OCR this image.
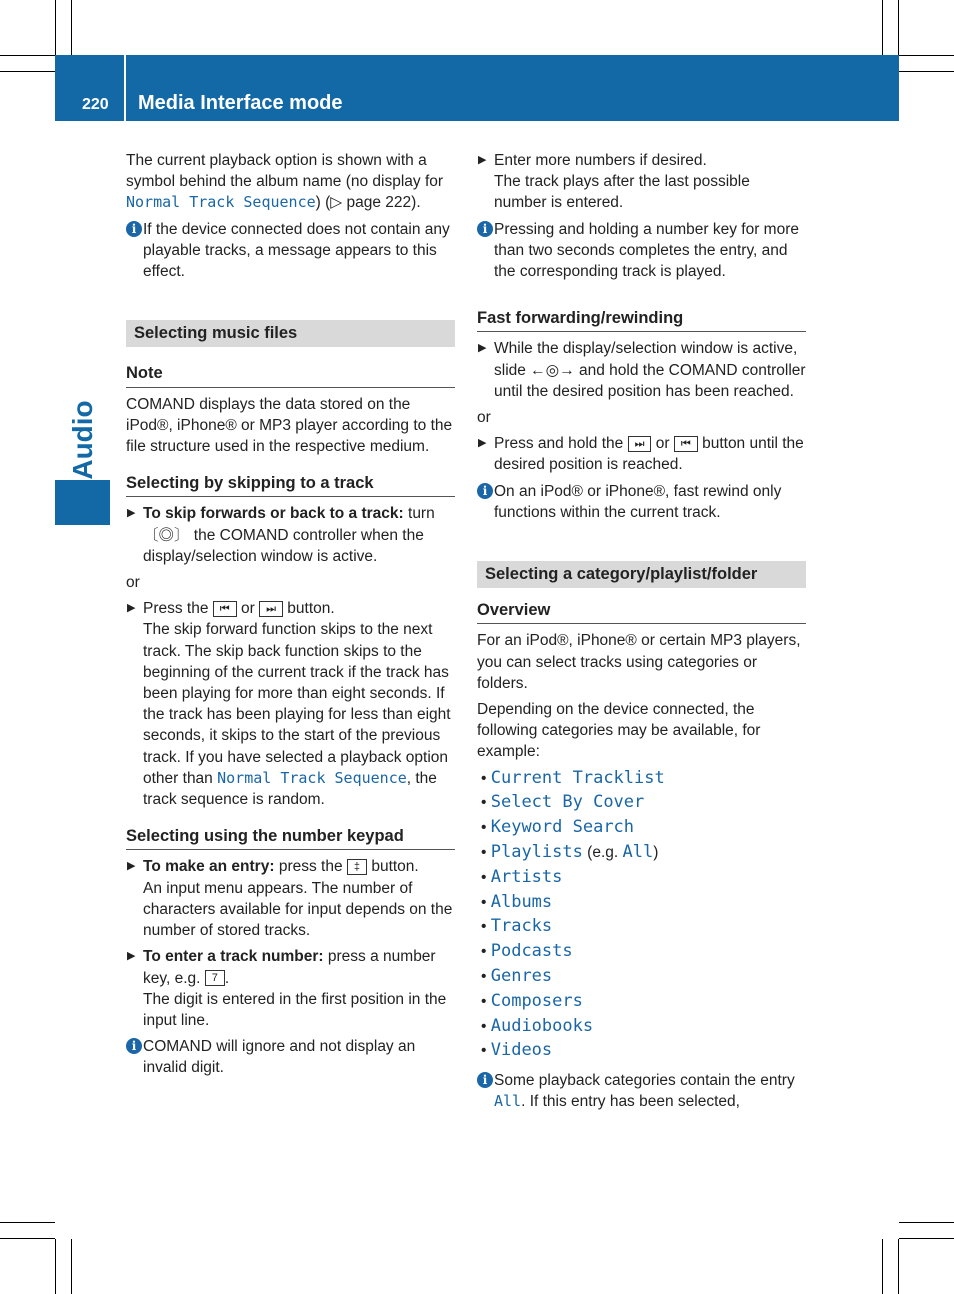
220 Media Interface mode
Audio

The current playback option is shown with a symbol behind the album name (no display for Normal Track Sequence) (▷ page 222).

i If the device connected does not contain any playable tracks, a message appears to this effect.
Selecting music files
Note

COMAND displays the data stored on the iPod®, iPhone® or MP3 player according to the file structure used in the respective medium.

Selecting by skipping to a track
▶ To skip forwards or back to a track: turn 〔◎〕 the COMAND controller when the display/selection window is active.

or

▶ Press the ⏮ or ⏭ button.
The skip forward function skips to the next track. The skip back function skips to the beginning of the current track if the track has been playing for more than eight seconds. If the track has been playing for less than eight seconds, it skips to the start of the previous track. If you have selected a playback option other than Normal Track Sequence, the track sequence is random.
Selecting using the number keypad
▶ To make an entry: press the ‡ button.
An input menu appears. The number of characters available for input depends on the number of stored tracks.
▶ To enter a track number: press a number key, e.g. 7 .
The digit is entered in the first position in the input line.
i COMAND will ignore and not display an invalid digit.
▶ Enter more numbers if desired.
The track plays after the last possible number is entered.
i Pressing and holding a number key for more than two seconds completes the entry, and the corresponding track is played.
Fast forwarding/rewinding
▶ While the display/selection window is active, slide ←◎→ and hold the COMAND controller until the desired position has been reached.

or

▶ Press and hold the ⏭ or ⏮ button until the desired position is reached.
i On an iPod® or iPhone®, fast rewind only functions within the current track.
Selecting a category/playlist/folder
Overview

For an iPod®, iPhone® or certain MP3 players, you can select tracks using categories or folders.

Depending on the device connected, the following categories may be available, for example:

• Current Tracklist
• Select By Cover
• Keyword Search
• Playlists (e.g. All)
• Artists
• Albums
• Tracks
• Podcasts
• Genres
• Composers
• Audiobooks
• Videos
i Some playback categories contain the entry All. If this entry has been selected,
